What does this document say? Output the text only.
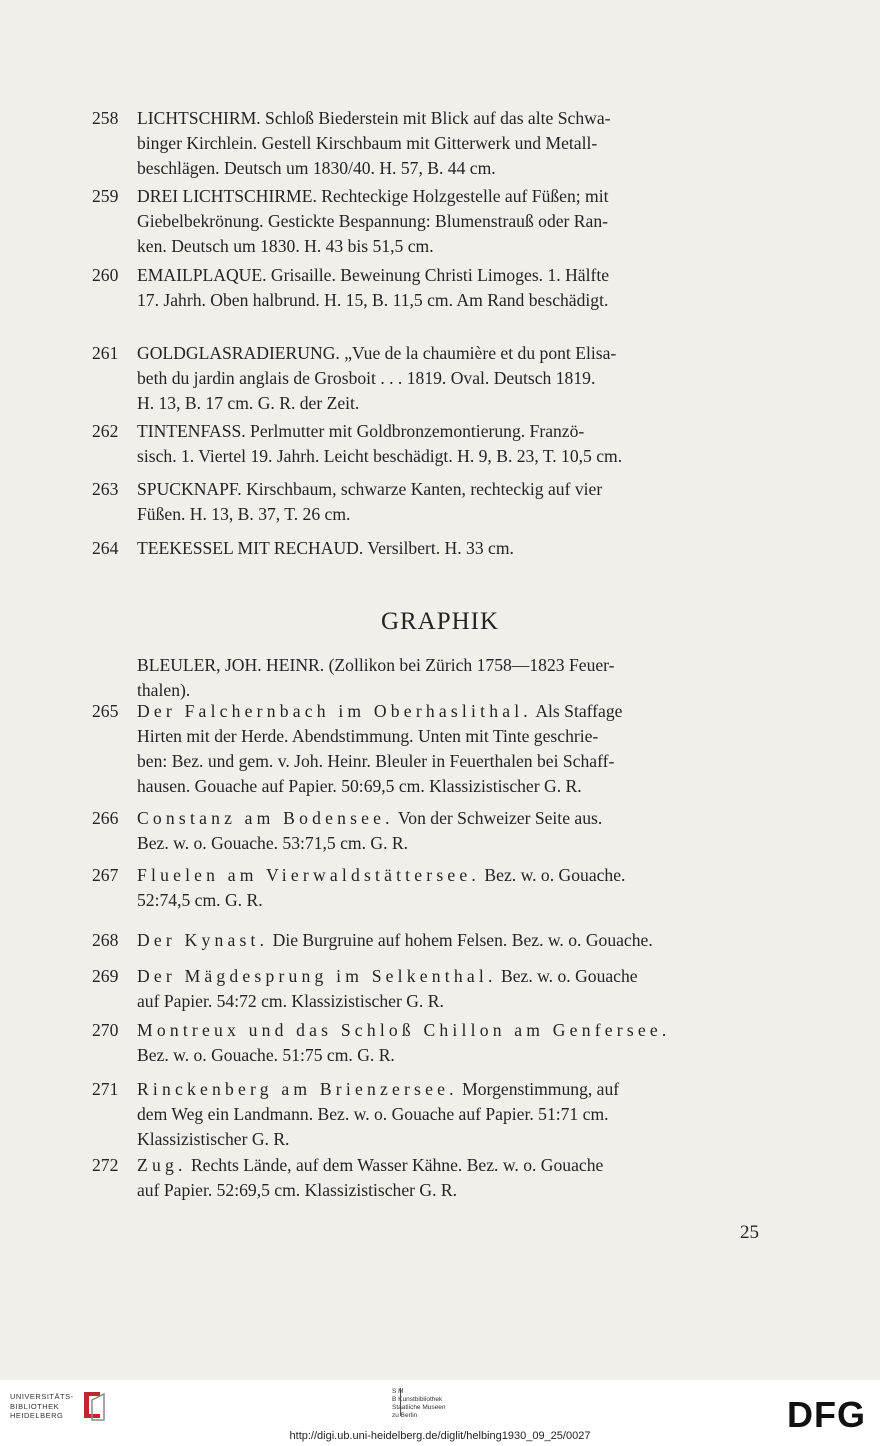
258	LICHTSCHIRM. Schloß Biederstein mit Blick auf das alte Schwa-
binger Kirchlein. Gestell Kirschbaum mit Gitterwerk und Metall-
beschlägen. Deutsch um 1830/40. H. 57, B. 44 cm.
259	DREI LICHTSCHIRME. Rechteckige Holzgestelle auf Füßen; mit
Giebelbekrönung. Gestickte Bespannung: Blumenstrauß oder Ran-
ken. Deutsch um 1830. H. 43 bis 51,5 cm.
260	EMAILPLAQUE. Grisaille. Beweinung Christi Limoges. 1. Hälfte
17. Jahrh. Oben halbrund. H. 15, B. 11,5 cm. Am Rand beschädigt.
261	GOLDGLASRADIERUNG. „Vue de la chaumière et du pont Elisa-
beth du jardin anglais de Grosboit . . . 1819. Oval. Deutsch 1819.
H. 13, B. 17 cm. G. R. der Zeit.
262	TINTENFASS. Perlmutter mit Goldbronzemontierung. Franzö-
sisch. 1. Viertel 19. Jahrh. Leicht beschädigt. H. 9, B. 23, T. 10,5 cm.
263	SPUCKNAPF. Kirschbaum, schwarze Kanten, rechteckig auf vier
Füßen. H. 13, B. 37, T. 26 cm.
264	TEEKESSEL MIT RECHAUD. Versilbert. H. 33 cm.
GRAPHIK
BLEULER, JOH. HEINR. (Zollikon bei Zürich 1758—1823 Feuer-
thalen).
265	Der Falchernbach im Oberhaslithal. Als Staffage
Hirten mit der Herde. Abendstimmung. Unten mit Tinte geschrie-
ben: Bez. und gem. v. Joh. Heinr. Bleuler in Feuerthalen bei Schaff-
hausen. Gouache auf Papier. 50:69,5 cm. Klassizistischer G. R.
266	Constanz am Bodensee. Von der Schweizer Seite aus.
Bez. w. o. Gouache. 53:71,5 cm. G. R.
267	Fluelen am Vierwaldstättersee. Bez. w. o. Gouache.
52:74,5 cm. G. R.
268	Der Kynast. Die Burgruine auf hohem Felsen. Bez. w. o. Gouache.
269	Der Mägdesprung im Selkenthal. Bez. w. o. Gouache
auf Papier. 54:72 cm. Klassizistischer G. R.
270	Montreux und das Schloß Chillon am Genfersee.
Bez. w. o. Gouache. 51:75 cm. G. R.
271	Rinckenberg am Brienzersee. Morgenstimmung, auf
dem Weg ein Landmann. Bez. w. o. Gouache auf Papier. 51:71 cm.
Klassizistischer G. R.
272	Zug. Rechts Lände, auf dem Wasser Kähne. Bez. w. o. Gouache
auf Papier. 52:69,5 cm. Klassizistischer G. R.
25
UNIVERSITÄTS-
BIBLIOTHEK
HEIDELBERG
S M
B Kunstbibliothek
Staatliche Museen
zu Berlin	DFG
http://digi.ub.uni-heidelberg.de/diglit/helbing1930_09_25/0027
